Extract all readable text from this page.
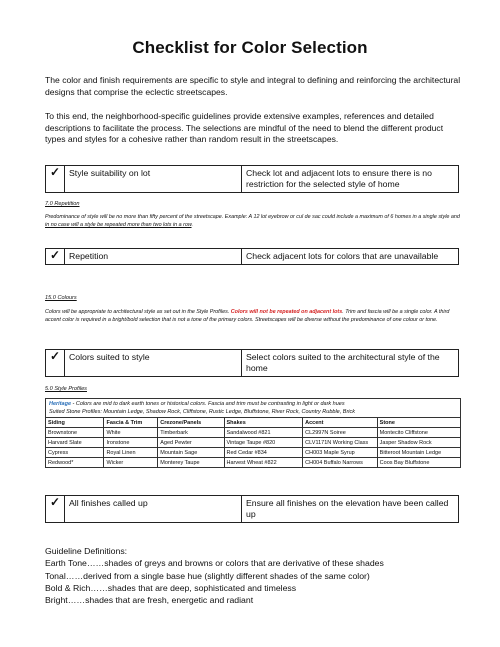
Checklist for Color Selection
The color and finish requirements are specific to style and integral to defining and reinforcing the architectural designs that comprise the eclectic streetscapes.
To this end, the neighborhood-specific guidelines provide extensive examples, references and detailed descriptions to facilitate the process. The selections are mindful of the need to blend the different product types and styles for a cohesive rather than random result in the streetscapes.
✓	Style suitability on lot	Check lot and adjacent lots to ensure there is no restriction for the selected style of home
7.0 Repetition
Predominance of style will be no more than fifty percent of the streetscape. Example: A 12 lot eyebrow or cul de sac could include a maximum of 6 homes in a single style and in no case will a style be repeated more than two lots in a row.
✓	Repetition	Check adjacent lots for colors that are unavailable
15.0 Colours
Colors will be appropriate to architectural style as set out in the Style Profiles. Colors will not be repeated on adjacent lots. Trim and fascia will be a single color. A third accent color is required in a bright/bold selection that is not a tone of the primary colors. Streetscapes will be diverse without the predominance of one colour or tone.
✓	Colors suited to style	Select colors suited to the architectural style of the home
5.0 Style Profiles
Heritage - Colors are mid to dark earth tones or historical colors. Fascia and trim must be contrasting in light or dark hues
Suited Stone Profiles: Mountain Ledge, Shadow Rock, Cliffstone, Rustic Ledge, Bluffstone, River Rock, Country Rubble, Brick
Siding	Fascia & Trim	Crezone/Panels	Shakes	Accent	Stone
Brownstone	White	Timberbark	Sandalwood #821	CL2997N Soiree	Montecito Cliffstone
Harvard Slate	Ironstone	Aged Pewter	Vintage Taupe #820	CLV1171N Working Class	Jasper Shadow Rock
Cypress	Royal Linen	Mountain Sage	Red Cedar #834	CH003 Maple Syrup	Bitteroot Mountain Ledge
Redwood*	Wicker	Monterey Taupe	Harvest Wheat #822	CH004 Buffalo Narrows	Coos Bay Bluffstone
✓	All finishes called up	Ensure all finishes on the elevation have been called up
Guideline Definitions:
Earth Tone……shades of greys and browns or colors that are derivative of these shades
Tonal……derived from a single base hue (slightly different shades of the same color)
Bold & Rich……shades that are deep, sophisticated and timeless
Bright……shades that are fresh, energetic and radiant
